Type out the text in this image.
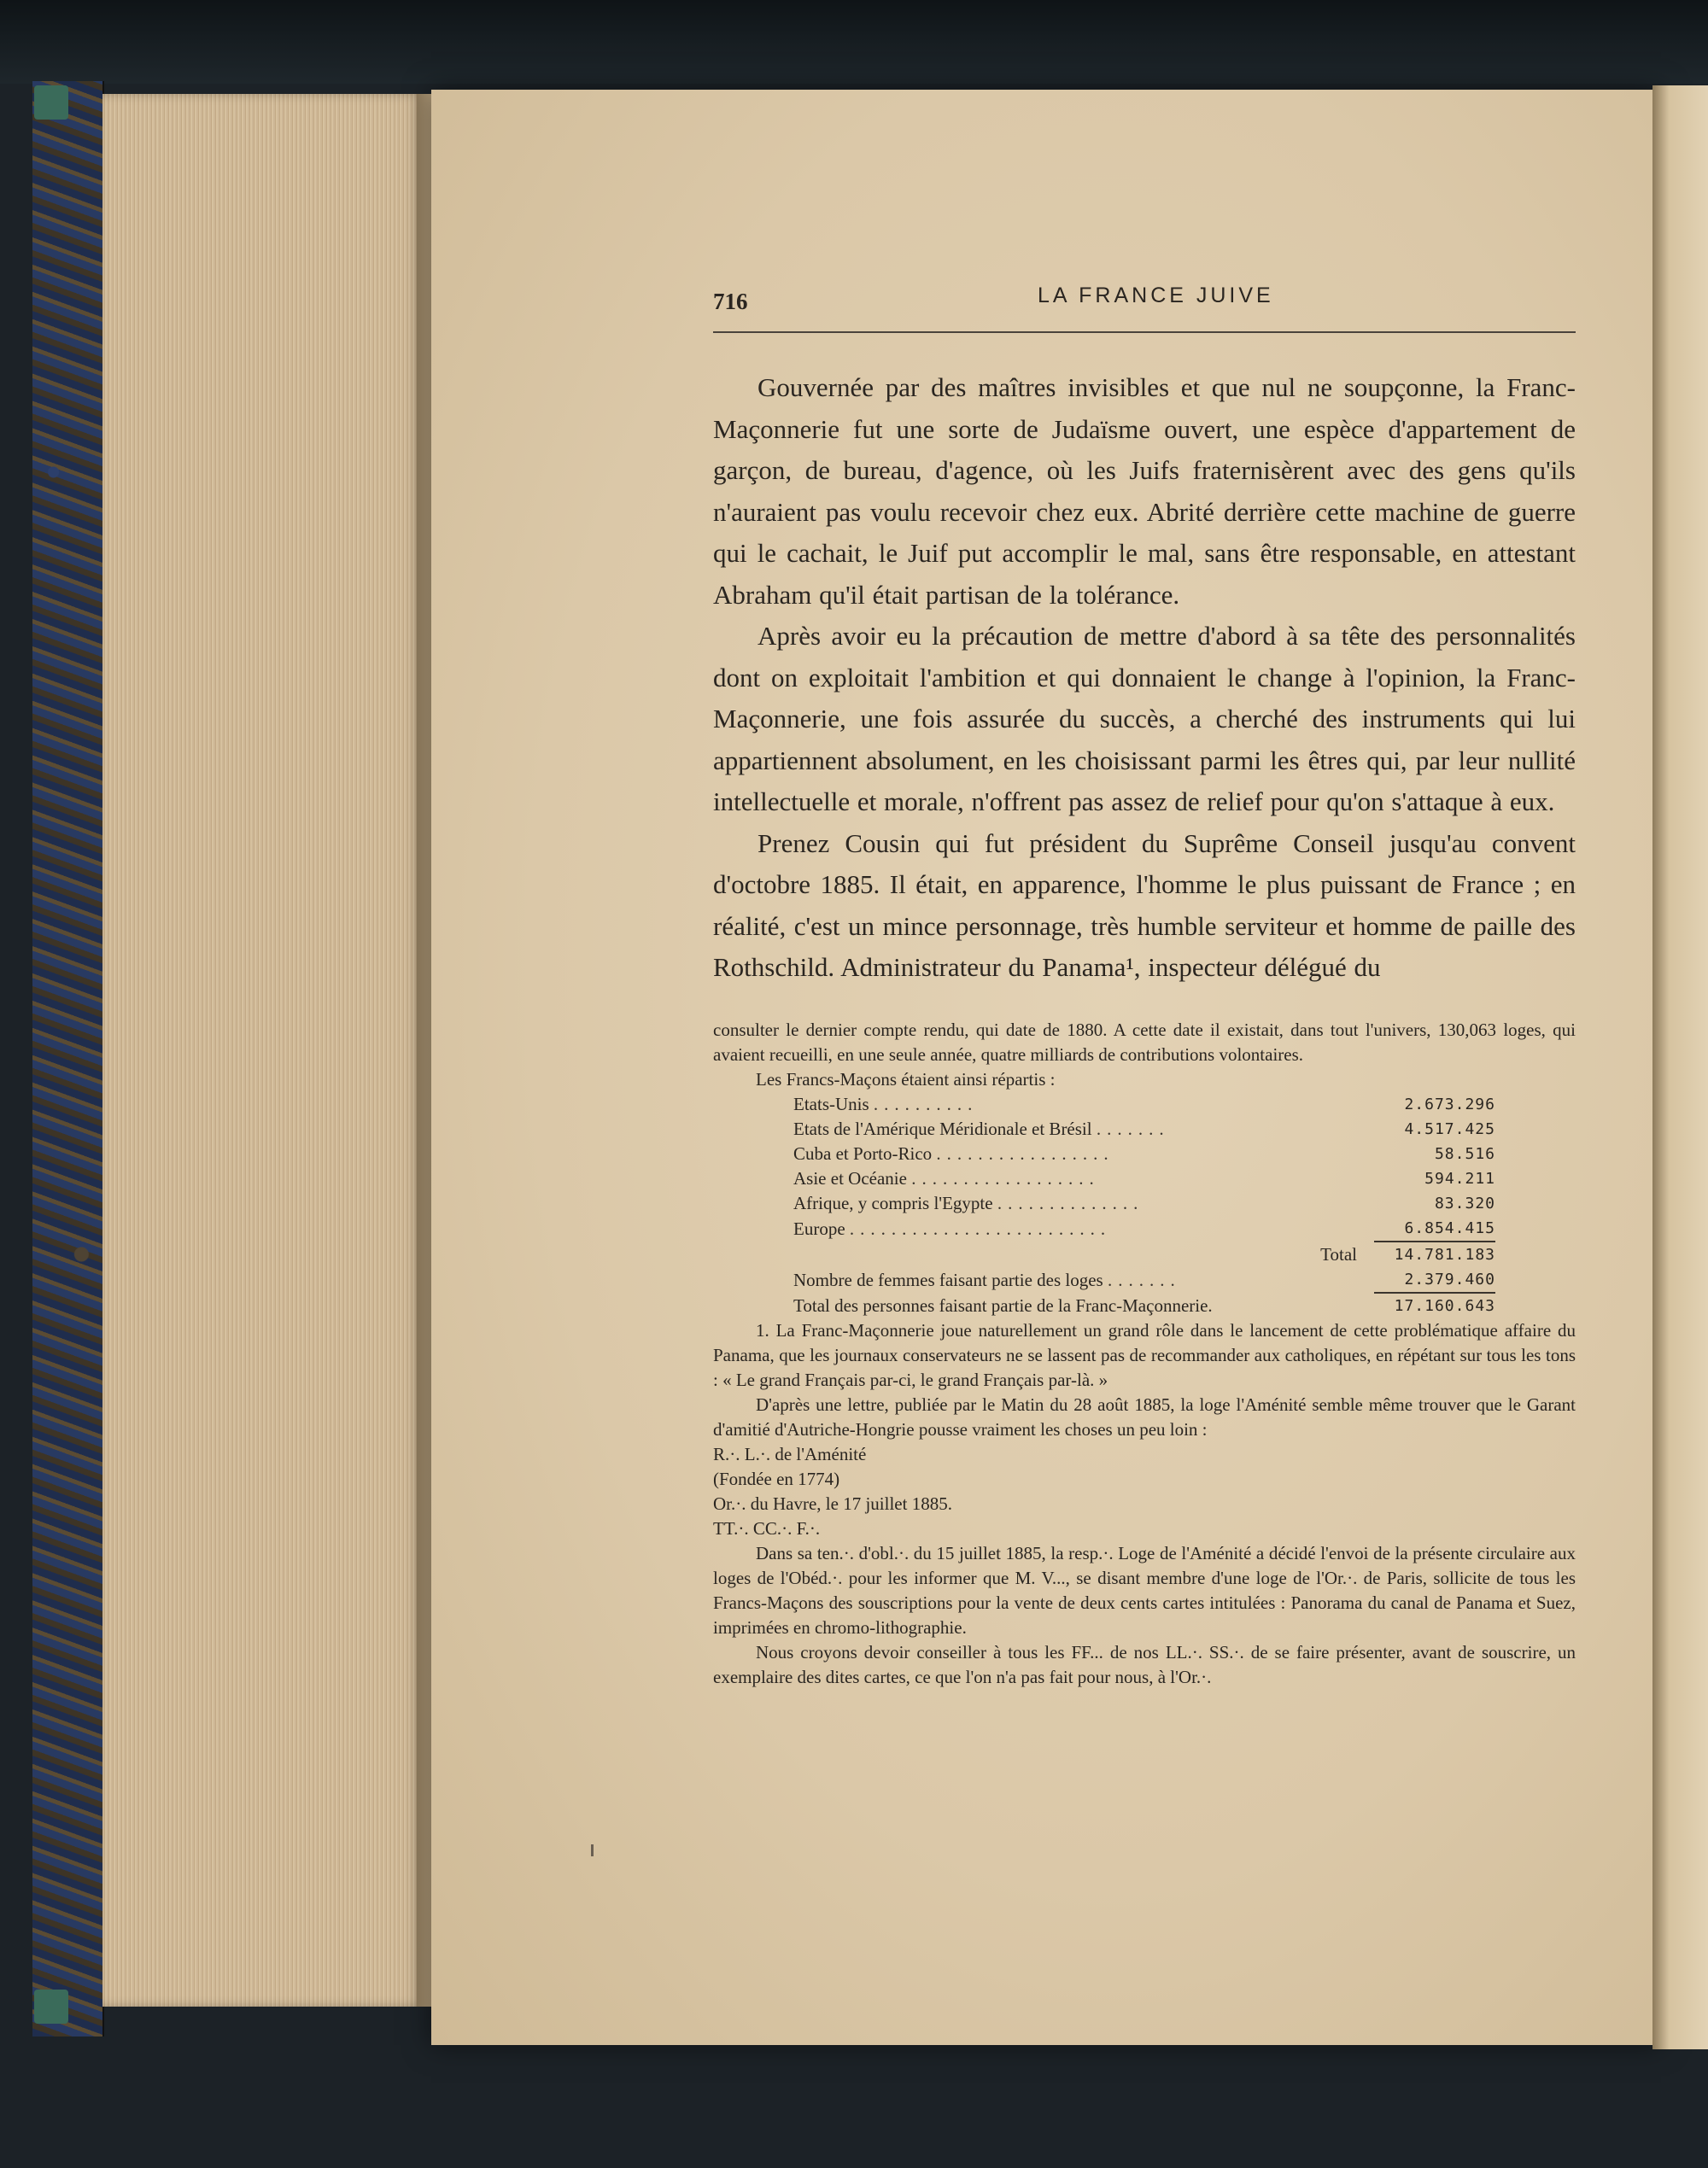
716	LA FRANCE JUIVE

Gouvernée par des maîtres invisibles et que nul ne soupçonne, la Franc-Maçonnerie fut une sorte de Judaïsme ouvert, une espèce d'appartement de garçon, de bureau, d'agence, où les Juifs fraternisèrent avec des gens qu'ils n'auraient pas voulu recevoir chez eux. Abrité derrière cette machine de guerre qui le cachait, le Juif put accomplir le mal, sans être responsable, en attestant Abraham qu'il était partisan de la tolérance.

Après avoir eu la précaution de mettre d'abord à sa tête des personnalités dont on exploitait l'ambition et qui donnaient le change à l'opinion, la Franc-Maçonnerie, une fois assurée du succès, a cherché des instruments qui lui appartiennent absolument, en les choisissant parmi les êtres qui, par leur nullité intellectuelle et morale, n'offrent pas assez de relief pour qu'on s'attaque à eux.

Prenez Cousin qui fut président du Suprême Conseil jusqu'au convent d'octobre 1885. Il était, en apparence, l'homme le plus puissant de France ; en réalité, c'est un mince personnage, très humble serviteur et homme de paille des Rothschild. Administrateur du Panama¹, inspecteur délégué du

consulter le dernier compte rendu, qui date de 1880. A cette date il existait, dans tout l'univers, 130,063 loges, qui avaient recueilli, en une seule année, quatre milliards de contributions volontaires.

Les Francs-Maçons étaient ainsi répartis :

Etats-Unis ..........	2.673.296
Etats de l'Amérique Méridionale et Brésil .......	4.517.425
Cuba et Porto-Rico .................	58.516
Asie et Océanie ..................	594.211
Afrique, y compris l'Egypte ..............	83.320
Europe .........................	6.854.415
Total	14.781.183
Nombre de femmes faisant partie des loges .......	2.379.460
Total des personnes faisant partie de la Franc-Maçonnerie.	17.160.643

1. La Franc-Maçonnerie joue naturellement un grand rôle dans le lancement de cette problématique affaire du Panama, que les journaux conservateurs ne se lassent pas de recommander aux catholiques, en répétant sur tous les tons : « Le grand Français par-ci, le grand Français par-là. »

D'après une lettre, publiée par le Matin du 28 août 1885, la loge l'Aménité semble même trouver que le Garant d'amitié d'Autriche-Hongrie pousse vraiment les choses un peu loin :

R.·. L.·. de l'Aménité

(Fondée en 1774)

Or.·. du Havre, le 17 juillet 1885.

TT.·. CC.·. F.·.

Dans sa ten.·. d'obl.·. du 15 juillet 1885, la resp.·. Loge de l'Aménité a décidé l'envoi de la présente circulaire aux loges de l'Obéd.·. pour les informer que M. V..., se disant membre d'une loge de l'Or.·. de Paris, sollicite de tous les Francs-Maçons des souscriptions pour la vente de deux cents cartes intitulées : Panorama du canal de Panama et Suez, imprimées en chromo-lithographie.

Nous croyons devoir conseiller à tous les FF... de nos LL.·. SS.·. de se faire présenter, avant de souscrire, un exemplaire des dites cartes, ce que l'on n'a pas fait pour nous, à l'Or.·.
